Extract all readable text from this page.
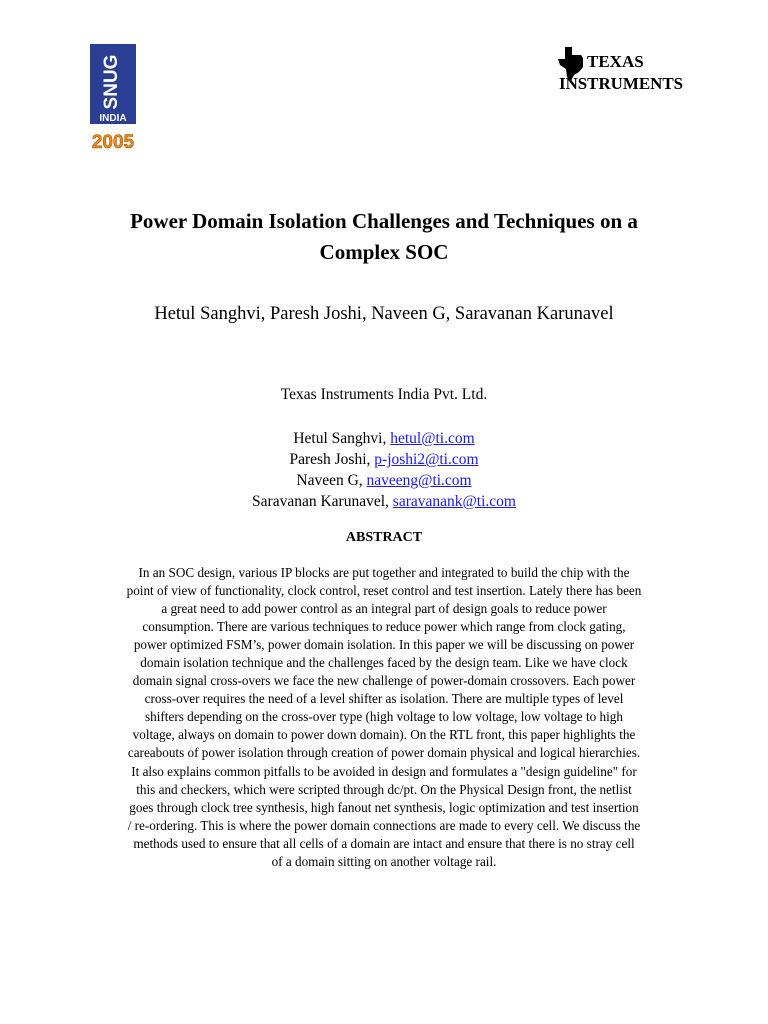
SNUG
INDIA
2005
TEXAS
INSTRUMENTS
Power Domain Isolation Challenges and Techniques on a
Complex SOC
Hetul Sanghvi, Paresh Joshi, Naveen G, Saravanan Karunavel
Texas Instruments India Pvt. Ltd.
Hetul Sanghvi, hetul@ti.com
Paresh Joshi, p-joshi2@ti.com
Naveen G, naveeng@ti.com
Saravanan Karunavel, saravanank@ti.com
ABSTRACT
In an SOC design, various IP blocks are put together and integrated to build the chip with the
point of view of functionality, clock control, reset control and test insertion. Lately there has been
a great need to add power control as an integral part of design goals to reduce power
consumption. There are various techniques to reduce power which range from clock gating,
power optimized FSM’s, power domain isolation. In this paper we will be discussing on power
domain isolation technique and the challenges faced by the design team. Like we have clock
domain signal cross-overs we face the new challenge of power-domain crossovers. Each power
cross-over requires the need of a level shifter as isolation. There are multiple types of level
shifters depending on the cross-over type (high voltage to low voltage, low voltage to high
voltage, always on domain to power down domain). On the RTL front, this paper highlights the
careabouts of power isolation through creation of power domain physical and logical hierarchies.
It also explains common pitfalls to be avoided in design and formulates a "design guideline" for
this and checkers, which were scripted through dc/pt. On the Physical Design front, the netlist
goes through clock tree synthesis, high fanout net synthesis, logic optimization and test insertion
/ re-ordering. This is where the power domain connections are made to every cell. We discuss the
methods used to ensure that all cells of a domain are intact and ensure that there is no stray cell
of a domain sitting on another voltage rail.
